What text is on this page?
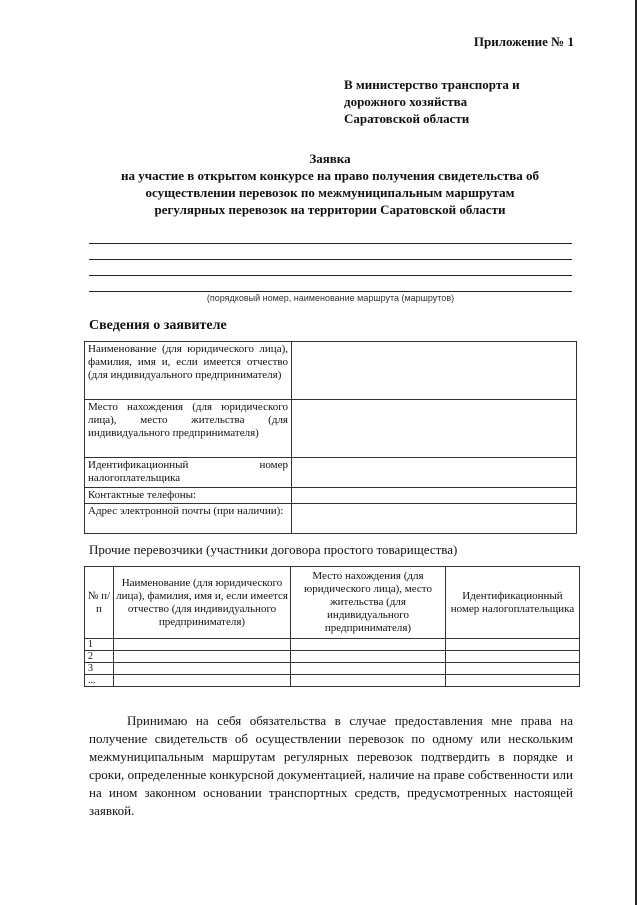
Приложение № 1
В министерство транспорта и
дорожного хозяйства
Саратовской области
Заявка
на участие в открытом конкурсе на право получения свидетельства об
осуществлении перевозок по межмуниципальным маршрутам
регулярных перевозок на территории Саратовской области
(порядковый номер, наименование маршрута (маршрутов)
Сведения о заявителе
Наименование (для юридического лица), фамилия, имя и, если имеется отчество (для индивидуального предпринимателя)	
Место нахождения (для юридического лица), место жительства (для индивидуального предпринимателя)	
Идентификационный номер налогоплательщика	
Контактные телефоны:	
Адрес электронной почты (при наличии):	
Прочие перевозчики (участники договора простого товарищества)
№ п/п	Наименование (для юридического лица), фамилия, имя и, если имеется отчество (для индивидуального предпринимателя)	Место нахождения (для юридического лица), место жительства (для индивидуального предпринимателя)	Идентификационный номер налогоплательщика
1			
2			
3			
...			
Принимаю на себя обязательства в случае предоставления мне права на получение свидетельств об осуществлении перевозок по одному или нескольким межмуниципальным маршрутам регулярных перевозок подтвердить в порядке и сроки, определенные конкурсной документацией, наличие на праве собственности или на ином законном основании транспортных средств, предусмотренных настоящей заявкой.
